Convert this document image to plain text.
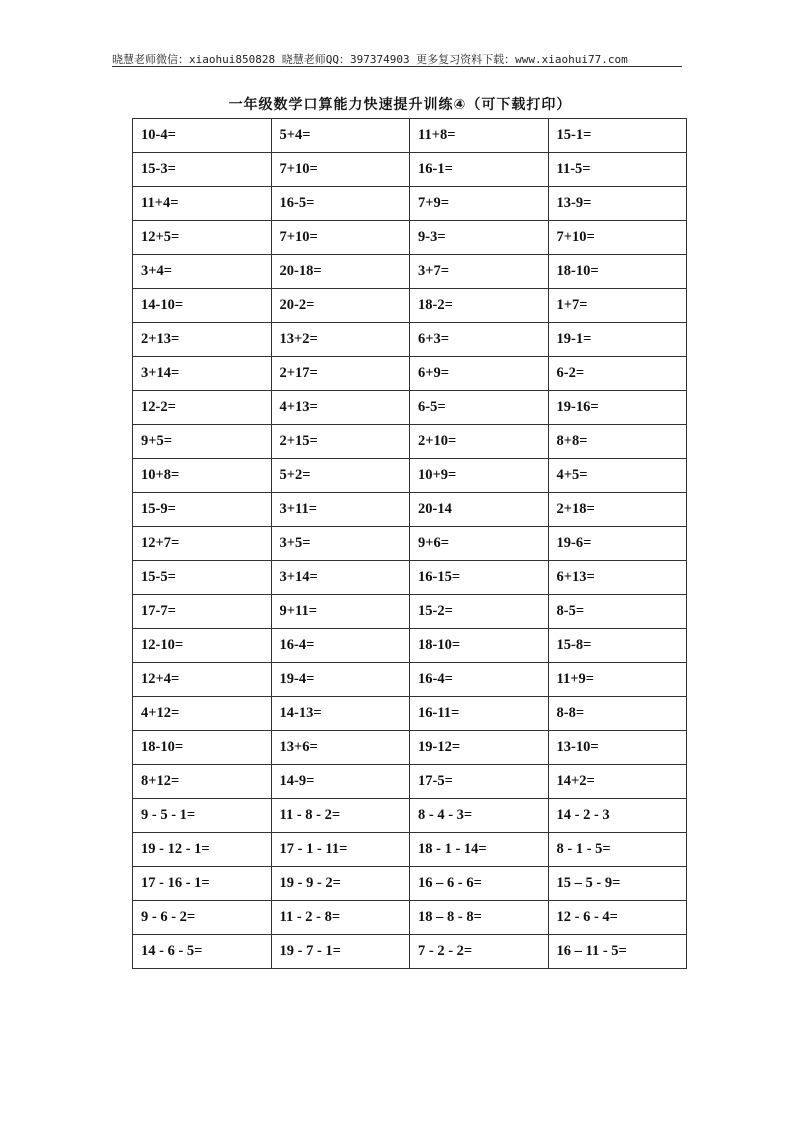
晓慧老师微信：xiaohui850828 晓慧老师QQ：397374903 更多复习资料下载：www.xiaohui77.com
一年级数学口算能力快速提升训练④（可下载打印）
10-4=	5+4=	11+8=	15-1=
15-3=	7+10=	16-1=	11-5=
11+4=	16-5=	7+9=	13-9=
12+5=	7+10=	9-3=	7+10=
3+4=	20-18=	3+7=	18-10=
14-10=	20-2=	18-2=	1+7=
2+13=	13+2=	6+3=	19-1=
3+14=	2+17=	6+9=	6-2=
12-2=	4+13=	6-5=	19-16=
9+5=	2+15=	2+10=	8+8=
10+8=	5+2=	10+9=	4+5=
15-9=	3+11=	20-14	2+18=
12+7=	3+5=	9+6=	19-6=
15-5=	3+14=	16-15=	6+13=
17-7=	9+11=	15-2=	8-5=
12-10=	16-4=	18-10=	15-8=
12+4=	19-4=	16-4=	11+9=
4+12=	14-13=	16-11=	8-8=
18-10=	13+6=	19-12=	13-10=
8+12=	14-9=	17-5=	14+2=
9 - 5 - 1=	11 - 8 - 2=	8 - 4 - 3=	14 - 2 - 3
19 - 12 - 1=	17 - 1 - 11=	18 - 1 - 14=	8 - 1 - 5=
17 - 16 - 1=	19 - 9 - 2=	16 – 6 - 6=	15 – 5 - 9=
9 - 6 - 2=	11 - 2 - 8=	18 – 8 - 8=	12 - 6 - 4=
14 - 6 - 5=	19 - 7 - 1=	7 - 2 - 2=	16 – 11 - 5=
